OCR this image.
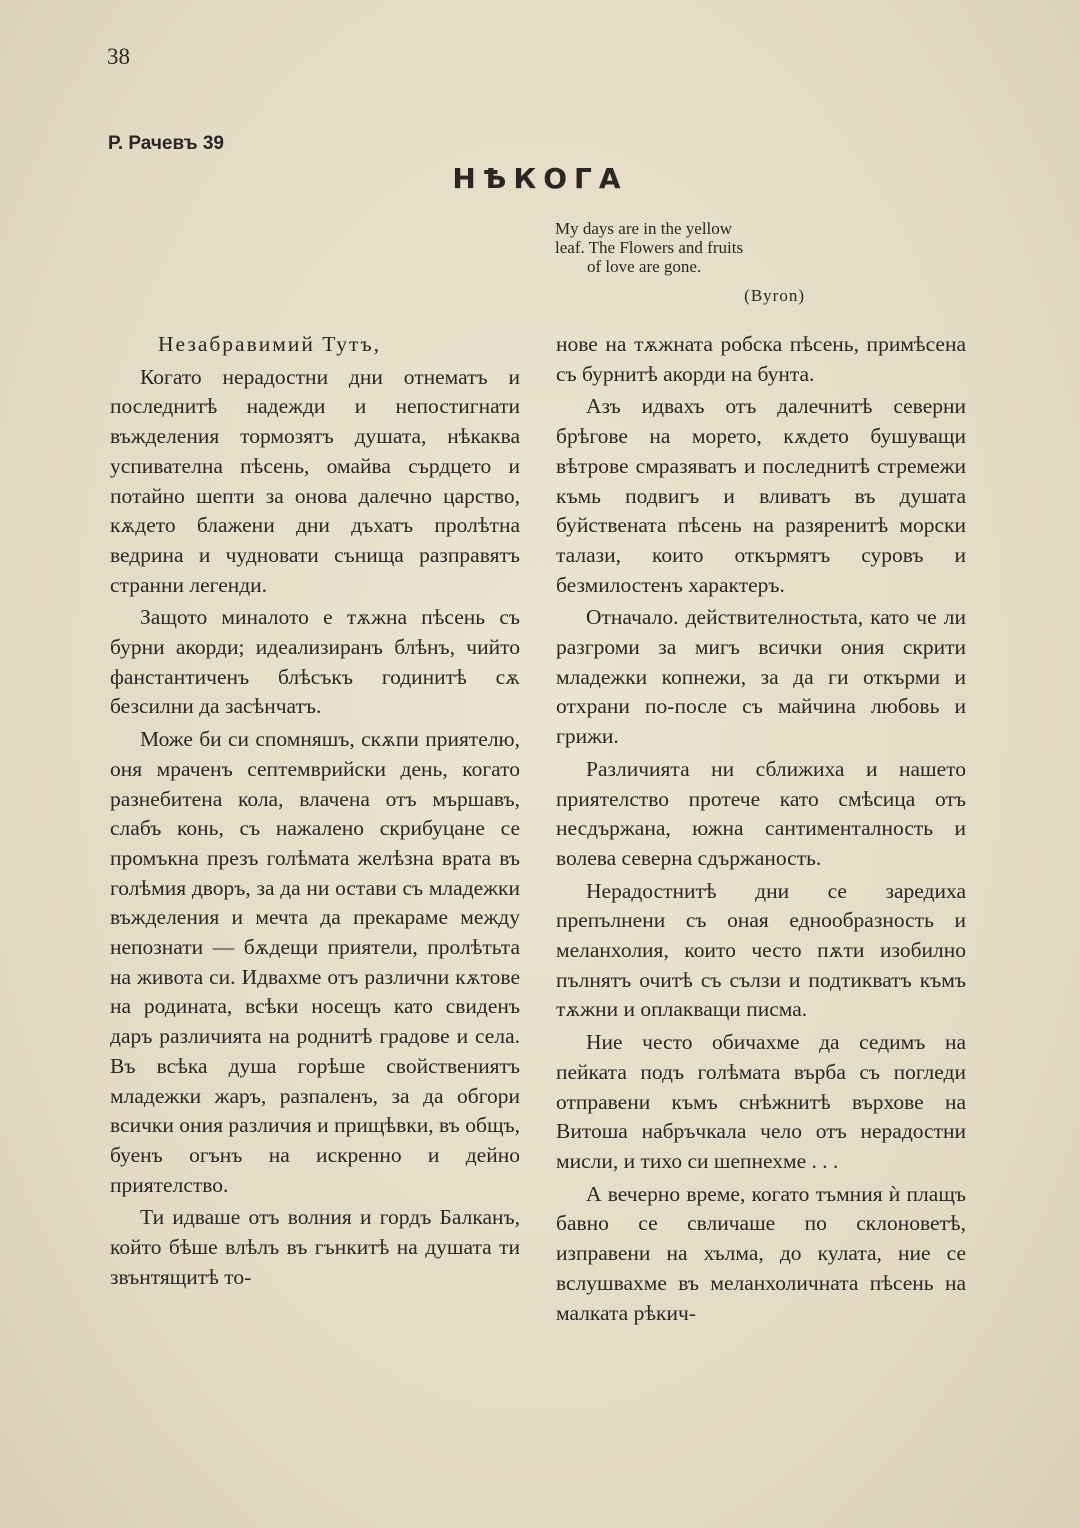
38
Р. Рачевъ 39
НѢКОГА
My days are in the yellow
leaf. The Flowers and fruits
of love are gone.
(Byron)

Незабравимий Тутъ,

Когато нерадостни дни отнематъ и последнитѣ надежди и непостигнати въжделения тормозятъ душата, нѣкаква успивателна пѣсень, омайва сърдцето и потайно шепти за онова далечно царство, кѫдето блажени дни дъхатъ пролѣтна ведрина и чудновати сънища разправятъ странни легенди.

Защото миналото е тѫжна пѣсень съ бурни акорди; идеализиранъ блѣнъ, чийто фанстантиченъ блѣсъкъ годинитѣ сѫ безсилни да засѣнчатъ.

Може би си спомняшъ, скѫпи приятелю, оня мраченъ септемврийски день, когато разнебитена кола, влачена отъ мършавъ, слабъ конь, съ нажалено скрибуцане се промъкна презъ голѣмата желѣзна врата въ голѣмия дворъ, за да ни остави съ младежки въжделения и мечта да прекараме между непознати — бѫдещи приятели, пролѣтьта на живота си. Идвахме отъ различни кѫтове на родината, всѣки носещъ като свиденъ даръ различията на роднитѣ градове и села. Въ всѣка душа горѣше свойствениятъ младежки жаръ, разпаленъ, за да обгори всички ония различия и прищѣвки, въ общъ, буенъ огънъ на искренно и дейно приятелство.

Ти идваше отъ волния и гордъ Балканъ, който бѣше влѣлъ въ гънкитѣ на душата ти звънтящитѣ то-

нове на тѫжната робска пѣсень, примѣсена съ бурнитѣ акорди на бунта.

Азъ идвахъ отъ далечнитѣ северни брѣгове на морето, кѫдето бушуващи вѣтрове смразяватъ и последнитѣ стремежи къмь подвигъ и вливатъ въ душата буйствената пѣсень на разяренитѣ морски талази, които откърмятъ суровъ и безмилостенъ характеръ.

Отначало. действителностьта, като че ли разгроми за мигъ всички ония скрити младежки копнежи, за да ги откърми и отхрани по-после съ майчина любовь и грижи.

Различията ни сближиха и нашето приятелство протече като смѣсица отъ несдържана, южна сантименталность и волева северна сдържаность.

Нерадостнитѣ дни се заредиха препълнени съ оная еднообразность и меланхолия, които често пѫти изобилно пълнятъ очитѣ съ сълзи и подтикватъ къмъ тѫжни и оплакващи писма.

Ние често обичахме да седимъ на пейката подъ голѣмата върба съ погледи отправени къмъ снѣжнитѣ върхове на Витоша набръчкала чело отъ нерадостни мисли, и тихо си шепнехме . . .

А вечерно време, когато тъмния ѝ плащъ бавно се свличаше по склоноветѣ, изправени на хълма, до кулата, ние се вслушвахме въ меланхоличната пѣсень на малката рѣкич-
